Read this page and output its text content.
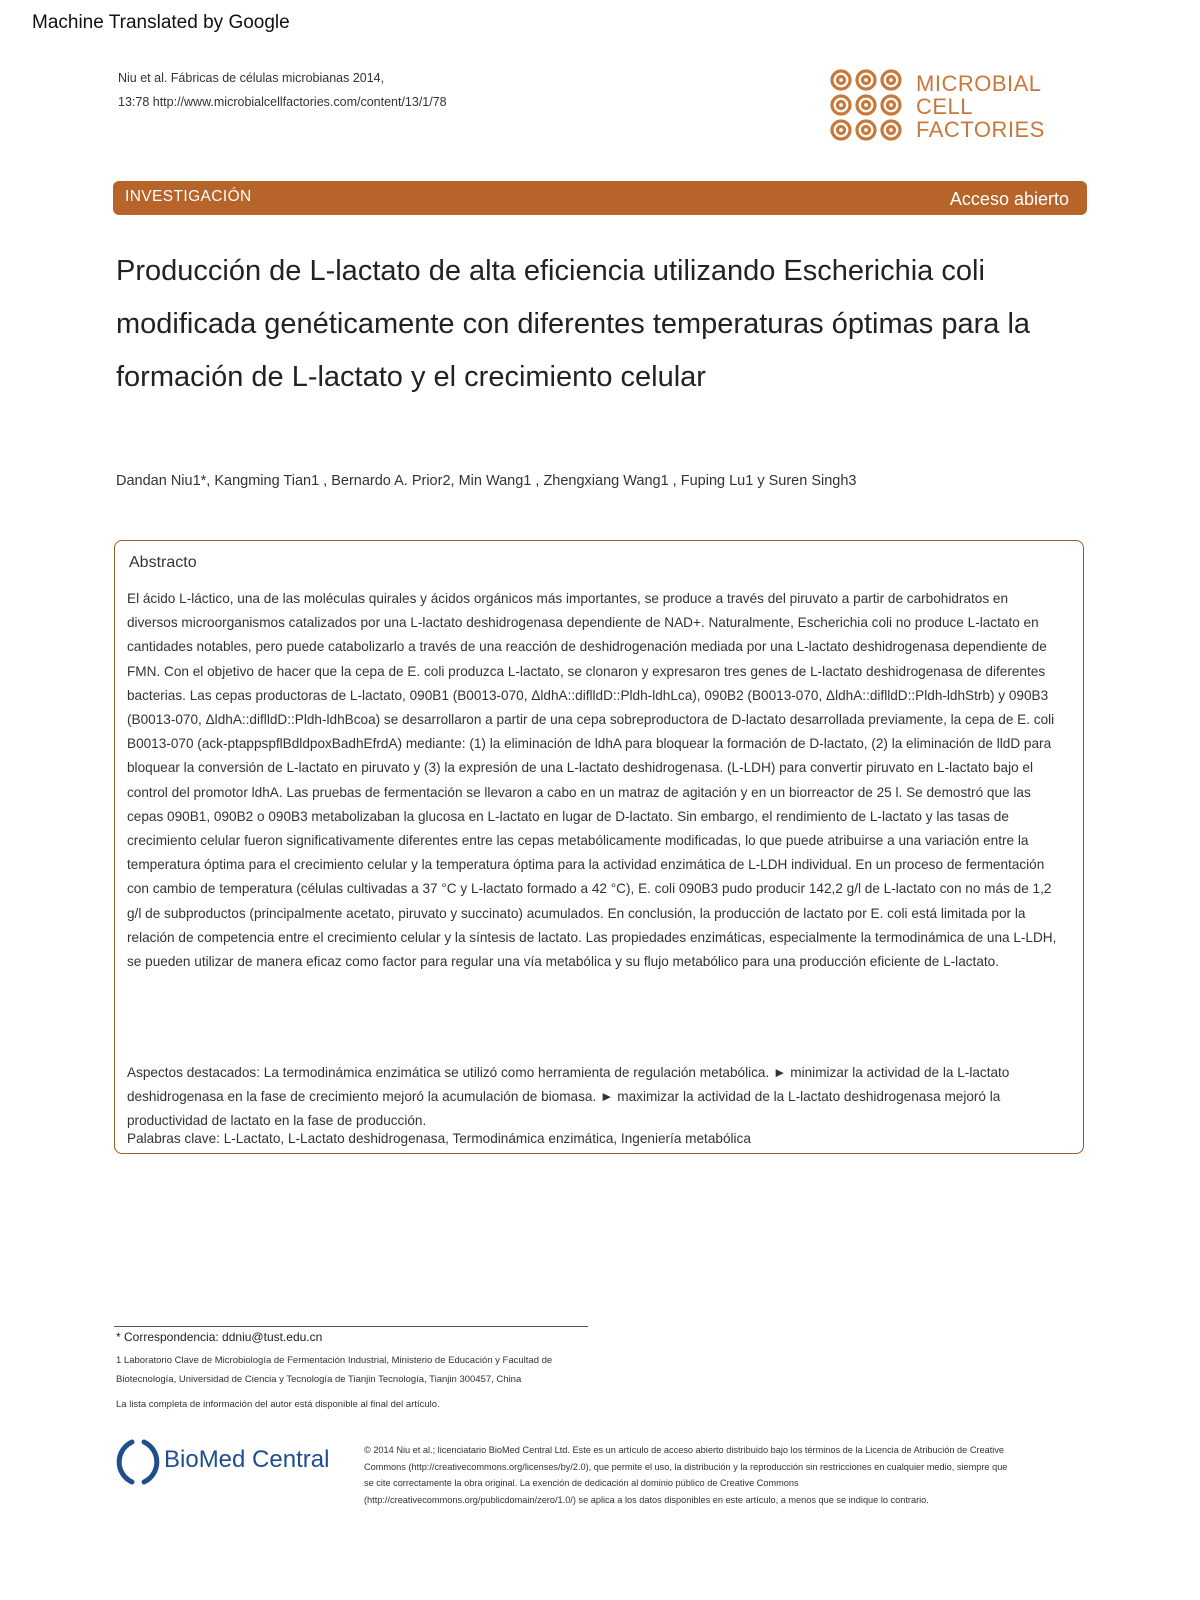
Machine Translated by Google
Niu et al. Fábricas de células microbianas 2014,
13:78 http://www.microbialcellfactories.com/content/13/1/78
MICROBIAL CELL FACTORIES
INVESTIGACIÓN	Acceso abierto
Producción de L-lactato de alta eficiencia utilizando Escherichia coli modificada genéticamente con diferentes temperaturas óptimas para la formación de L-lactato y el crecimiento celular
Dandan Niu1*, Kangming Tian1 , Bernardo A. Prior2, Min Wang1 , Zhengxiang Wang1 , Fuping Lu1 y Suren Singh3
Abstracto
El ácido L-láctico, una de las moléculas quirales y ácidos orgánicos más importantes, se produce a través del piruvato a partir de carbohidratos en diversos microorganismos catalizados por una L-lactato deshidrogenasa dependiente de NAD+. Naturalmente, Escherichia coli no produce L-lactato en cantidades notables, pero puede catabolizarlo a través de una reacción de deshidrogenación mediada por una L-lactato deshidrogenasa dependiente de FMN. Con el objetivo de hacer que la cepa de E. coli produzca L-lactato, se clonaron y expresaron tres genes de L-lactato deshidrogenasa de diferentes bacterias. Las cepas productoras de L-lactato, 090B1 (B0013-070, ΔldhA::diflldD::Pldh-ldhLca), 090B2 (B0013-070, ΔldhA::diflldD::Pldh-ldhStrb) y 090B3 (B0013-070, ΔldhA::diflldD::Pldh-ldhBcoa) se desarrollaron a partir de una cepa sobreproductora de D-lactato desarrollada previamente, la cepa de E. coli B0013-070 (ack-ptappspflBdldpoxBadhEfrdA) mediante: (1) la eliminación de ldhA para bloquear la formación de D-lactato, (2) la eliminación de lldD para bloquear la conversión de L-lactato en piruvato y (3) la expresión de una L-lactato deshidrogenasa. (L-LDH) para convertir piruvato en L-lactato bajo el control del promotor ldhA. Las pruebas de fermentación se llevaron a cabo en un matraz de agitación y en un biorreactor de 25 l. Se demostró que las cepas 090B1, 090B2 o 090B3 metabolizaban la glucosa en L-lactato en lugar de D-lactato. Sin embargo, el rendimiento de L-lactato y las tasas de crecimiento celular fueron significativamente diferentes entre las cepas metabólicamente modificadas, lo que puede atribuirse a una variación entre la temperatura óptima para el crecimiento celular y la temperatura óptima para la actividad enzimática de L-LDH individual. En un proceso de fermentación con cambio de temperatura (células cultivadas a 37 °C y L-lactato formado a 42 °C), E. coli 090B3 pudo producir 142,2 g/l de L-lactato con no más de 1,2 g/l de subproductos (principalmente acetato, piruvato y succinato) acumulados. En conclusión, la producción de lactato por E. coli está limitada por la relación de competencia entre el crecimiento celular y la síntesis de lactato. Las propiedades enzimáticas, especialmente la termodinámica de una L-LDH, se pueden utilizar de manera eficaz como factor para regular una vía metabólica y su flujo metabólico para una producción eficiente de L-lactato.
Aspectos destacados: La termodinámica enzimática se utilizó como herramienta de regulación metabólica. ► minimizar la actividad de la L-lactato deshidrogenasa en la fase de crecimiento mejoró la acumulación de biomasa. ► maximizar la actividad de la L-lactato deshidrogenasa mejoró la productividad de lactato en la fase de producción.
Palabras clave: L-Lactato, L-Lactato deshidrogenasa, Termodinámica enzimática, Ingeniería metabólica
* Correspondencia: ddniu@tust.edu.cn
1 Laboratorio Clave de Microbiología de Fermentación Industrial, Ministerio de Educación y Facultad de Biotecnología, Universidad de Ciencia y Tecnología de Tianjin Tecnología, Tianjin 300457, China
La lista completa de información del autor está disponible al final del artículo.
BioMed Central	© 2014 Niu et al.; licenciatario BioMed Central Ltd. Este es un artículo de acceso abierto distribuido bajo los términos de la Licencia de Atribución de Creative Commons (http://creativecommons.org/licenses/by/2.0), que permite el uso, la distribución y la reproducción sin restricciones en cualquier medio, siempre que se cite correctamente la obra original. La exención de dedicación al dominio público de Creative Commons (http://creativecommons.org/publicdomain/zero/1.0/) se aplica a los datos disponibles en este artículo, a menos que se indique lo contrario.
